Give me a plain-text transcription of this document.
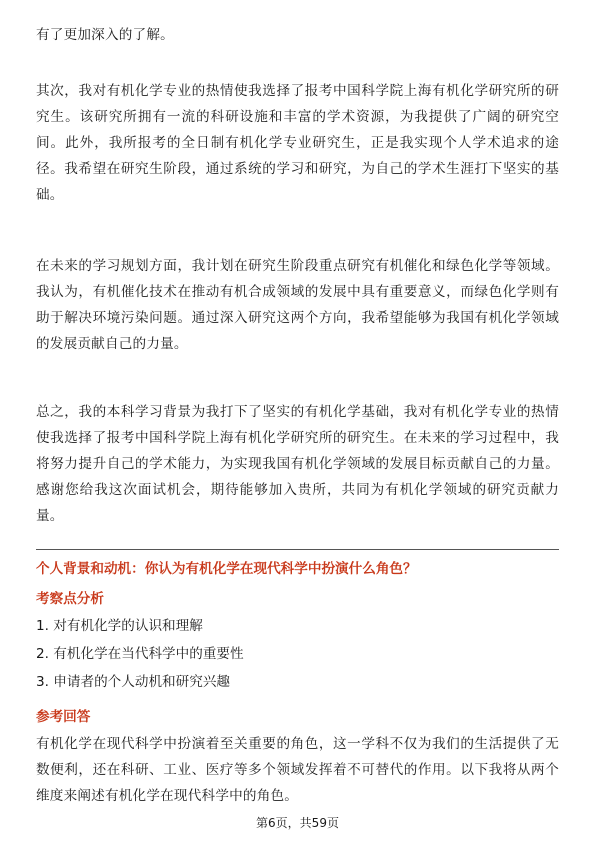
有了更加深入的了解。

其次，我对有机化学专业的热情使我选择了报考中国科学院上海有机化学研究所的研究生。该研究所拥有一流的科研设施和丰富的学术资源，为我提供了广阔的研究空间。此外，我所报考的全日制有机化学专业研究生，正是我实现个人学术追求的途径。我希望在研究生阶段，通过系统的学习和研究，为自己的学术生涯打下坚实的基础。

在未来的学习规划方面，我计划在研究生阶段重点研究有机催化和绿色化学等领域。我认为，有机催化技术在推动有机合成领域的发展中具有重要意义，而绿色化学则有助于解决环境污染问题。通过深入研究这两个方向，我希望能够为我国有机化学领域的发展贡献自己的力量。

总之，我的本科学习背景为我打下了坚实的有机化学基础，我对有机化学专业的热情使我选择了报考中国科学院上海有机化学研究所的研究生。在未来的学习过程中，我将努力提升自己的学术能力，为实现我国有机化学领域的发展目标贡献自己的力量。感谢您给我这次面试机会，期待能够加入贵所，共同为有机化学领域的研究贡献力量。

个人背景和动机：你认为有机化学在现代科学中扮演什么角色？
考察点分析
1. 对有机化学的认识和理解
2. 有机化学在当代科学中的重要性
3. 申请者的个人动机和研究兴趣
参考回答

有机化学在现代科学中扮演着至关重要的角色，这一学科不仅为我们的生活提供了无数便利，还在科研、工业、医疗等多个领域发挥着不可替代的作用。以下我将从两个维度来阐述有机化学在现代科学中的角色。

第6页，共59页
